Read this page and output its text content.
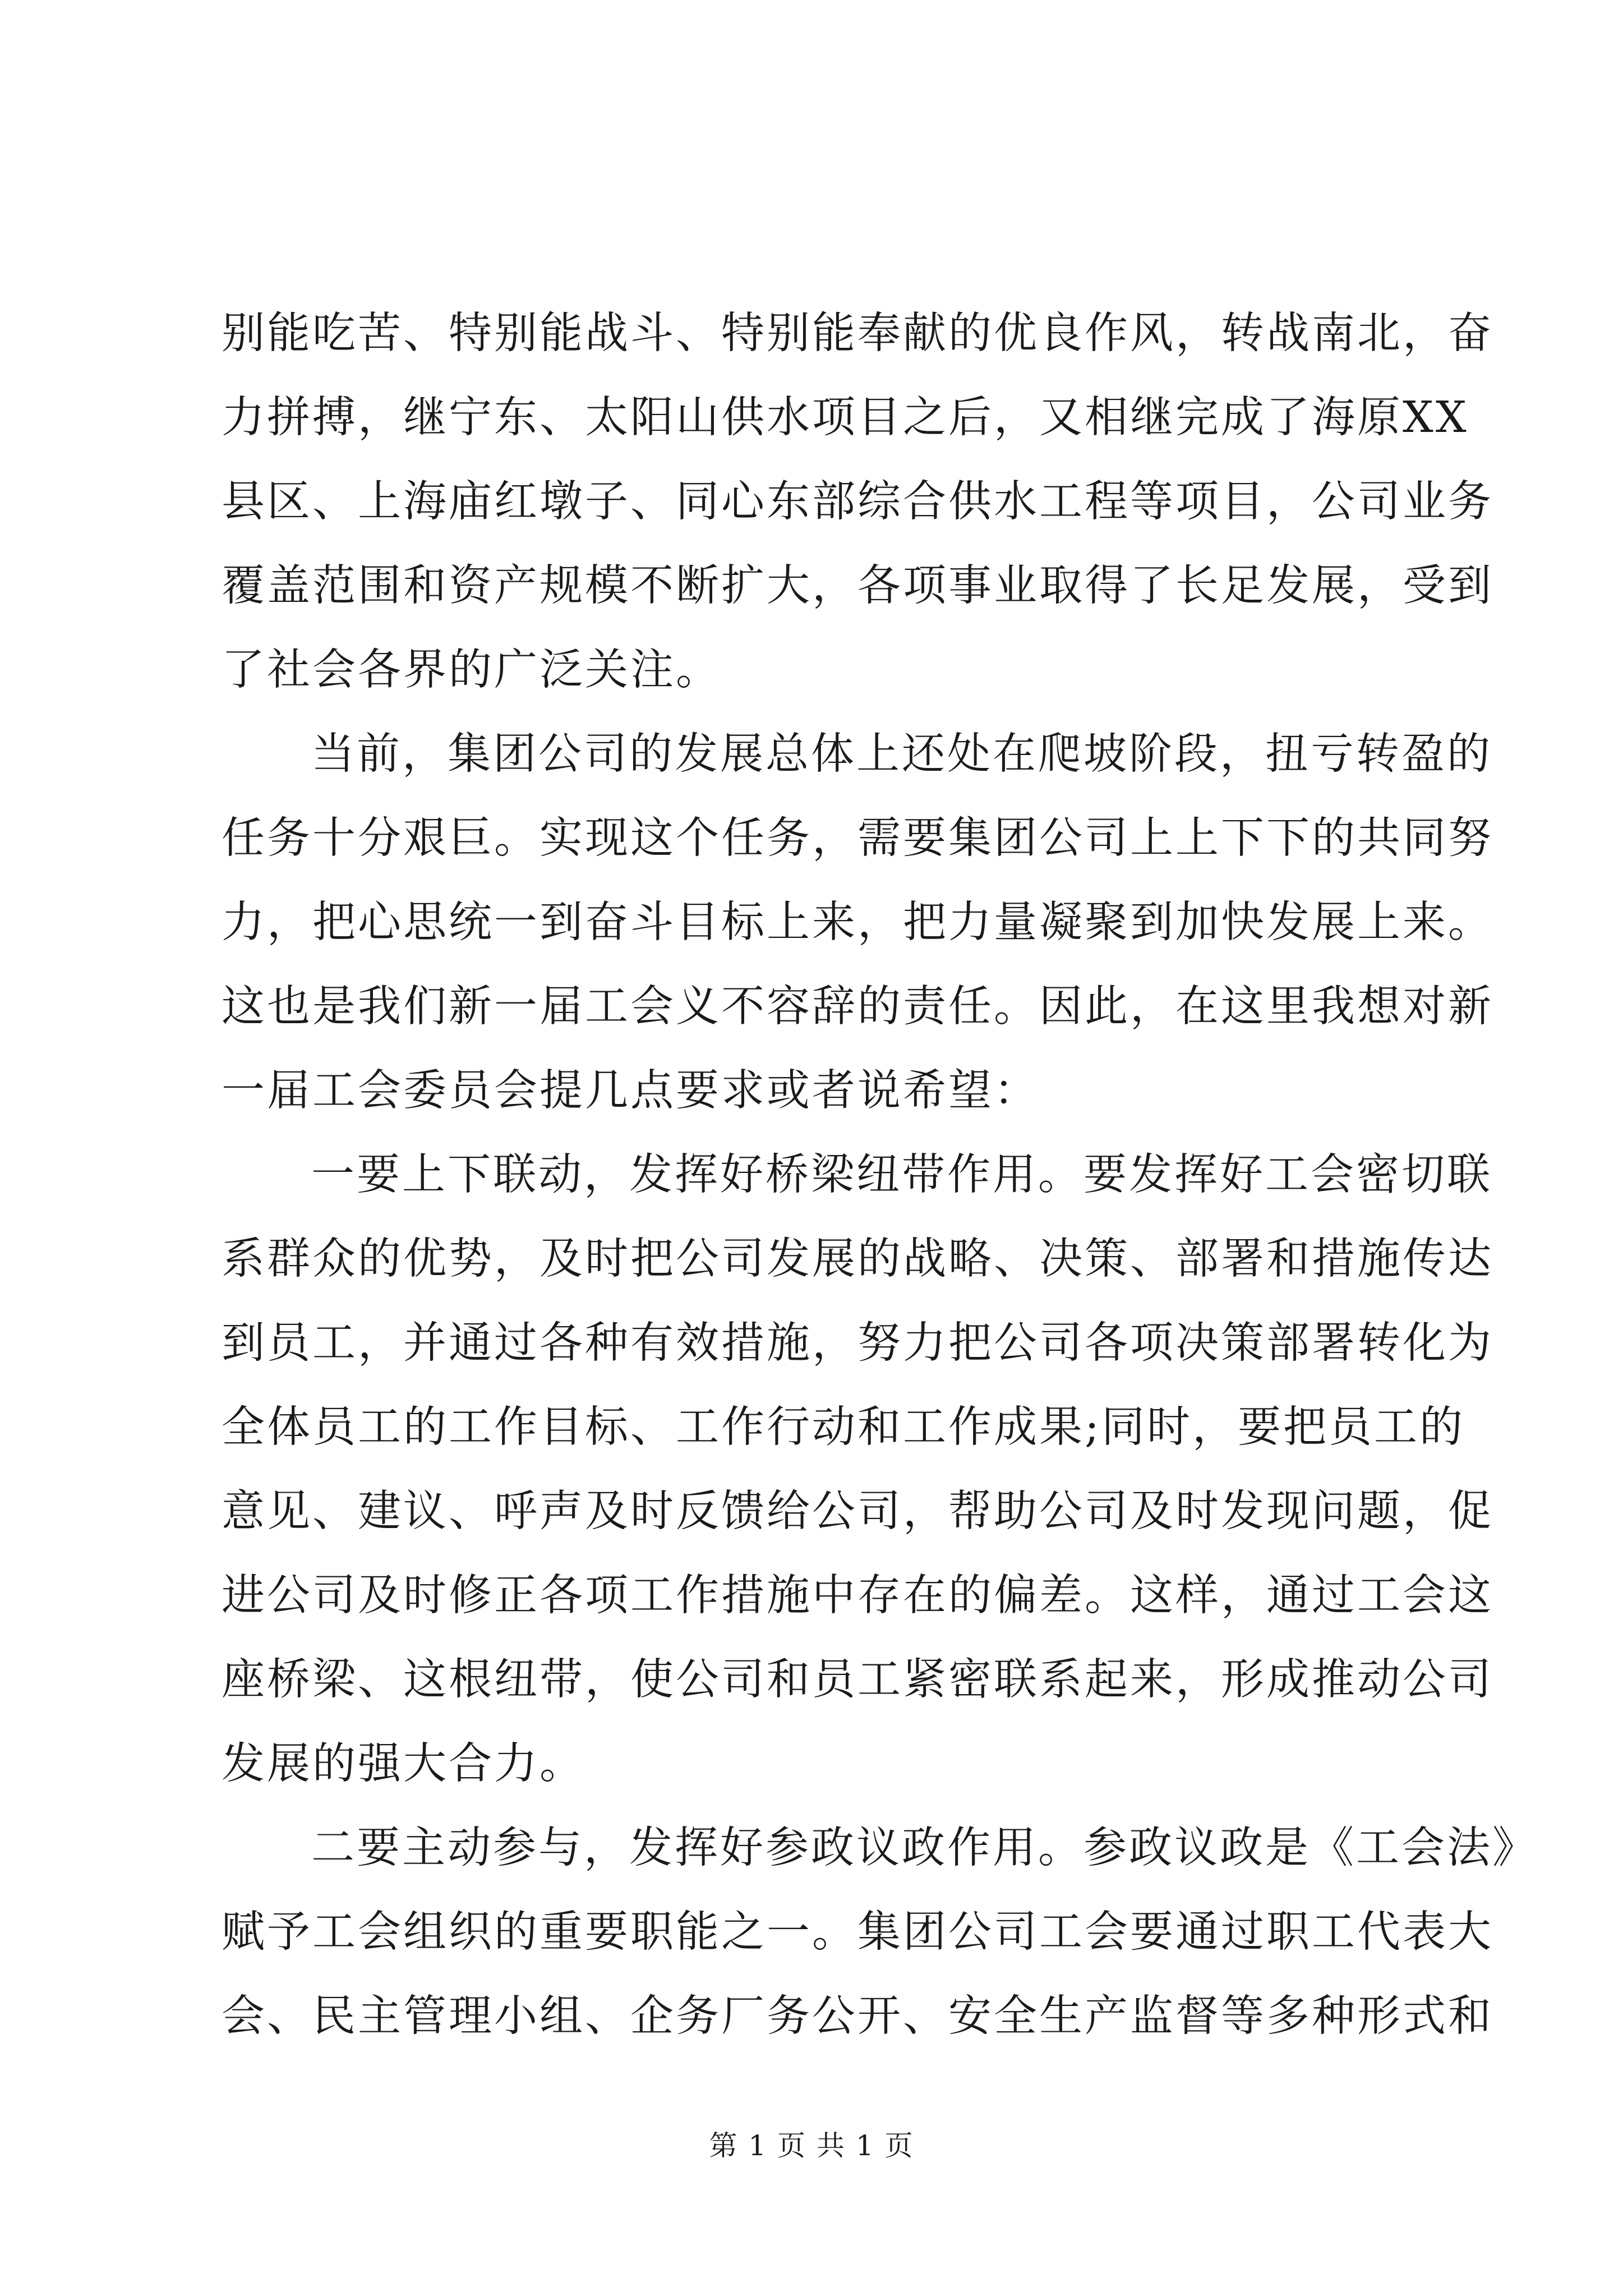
别能吃苦、特别能战斗、特别能奉献的优良作风，转战南北，奋
力拼搏，继宁东、太阳山供水项目之后，又相继完成了海原XX
县区、上海庙红墩子、同心东部综合供水工程等项目，公司业务
覆盖范围和资产规模不断扩大，各项事业取得了长足发展，受到
了社会各界的广泛关注。

当前，集团公司的发展总体上还处在爬坡阶段，扭亏转盈的
任务十分艰巨。实现这个任务，需要集团公司上上下下的共同努
力，把心思统一到奋斗目标上来，把力量凝聚到加快发展上来。
这也是我们新一届工会义不容辞的责任。因此，在这里我想对新
一届工会委员会提几点要求或者说希望：

一要上下联动，发挥好桥梁纽带作用。要发挥好工会密切联
系群众的优势，及时把公司发展的战略、决策、部署和措施传达
到员工，并通过各种有效措施，努力把公司各项决策部署转化为
全体员工的工作目标、工作行动和工作成果;同时，要把员工的
意见、建议、呼声及时反馈给公司，帮助公司及时发现问题，促
进公司及时修正各项工作措施中存在的偏差。这样，通过工会这
座桥梁、这根纽带，使公司和员工紧密联系起来，形成推动公司
发展的强大合力。

二要主动参与，发挥好参政议政作用。参政议政是《工会法》
赋予工会组织的重要职能之一。集团公司工会要通过职工代表大
会、民主管理小组、企务厂务公开、安全生产监督等多种形式和

第 1 页 共 1 页
